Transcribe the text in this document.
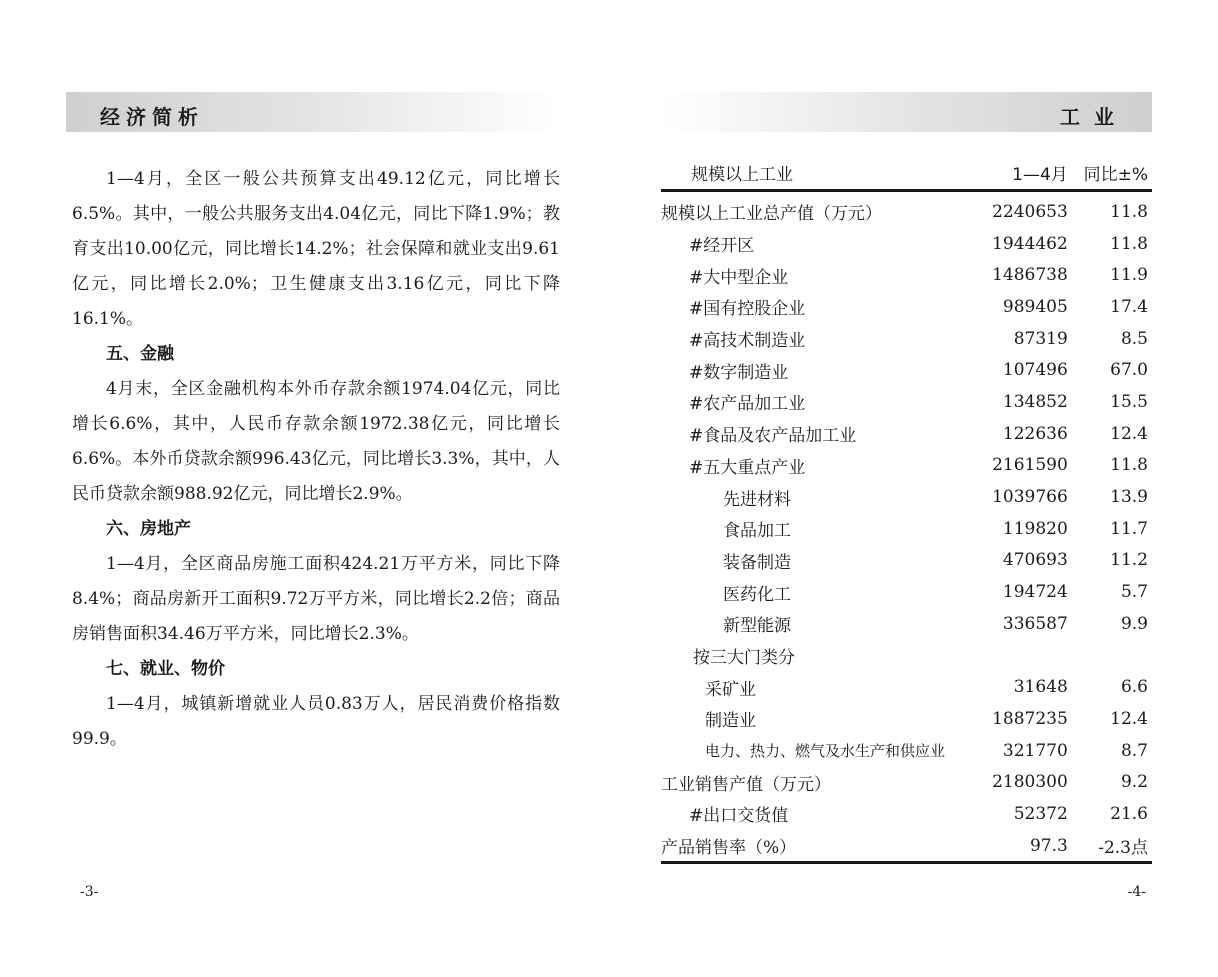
经济简析

1—4月，全区一般公共预算支出49.12亿元，同比增长6.5%。其中，一般公共服务支出4.04亿元，同比下降1.9%；教育支出10.00亿元，同比增长14.2%；社会保障和就业支出9.61亿元，同比增长2.0%；卫生健康支出3.16亿元，同比下降16.1%。

五、金融

4月末，全区金融机构本外币存款余额1974.04亿元，同比增长6.6%，其中，人民币存款余额1972.38亿元，同比增长6.6%。本外币贷款余额996.43亿元，同比增长3.3%，其中，人民币贷款余额988.92亿元，同比增长2.9%。

六、房地产

1—4月，全区商品房施工面积424.21万平方米，同比下降8.4%；商品房新开工面积9.72万平方米，同比增长2.2倍；商品房销售面积34.46万平方米，同比增长2.3%。

七、就业、物价

1—4月，城镇新增就业人员0.83万人，居民消费价格指数99.9。

-3-
工业
规模以上工业	1—4月	同比±%
规模以上工业总产值（万元）	2240653	11.8
#经开区	1944462	11.8
#大中型企业	1486738	11.9
#国有控股企业	989405	17.4
#高技术制造业	87319	8.5
#数字制造业	107496	67.0
#农产品加工业	134852	15.5
#食品及农产品加工业	122636	12.4
#五大重点产业	2161590	11.8
先进材料	1039766	13.9
食品加工	119820	11.7
装备制造	470693	11.2
医药化工	194724	5.7
新型能源	336587	9.9
按三大门类分		
采矿业	31648	6.6
制造业	1887235	12.4
电力、热力、燃气及水生产和供应业	321770	8.7
工业销售产值（万元）	2180300	9.2
#出口交货值	52372	21.6
产品销售率（%）	97.3	-2.3点
-4-
